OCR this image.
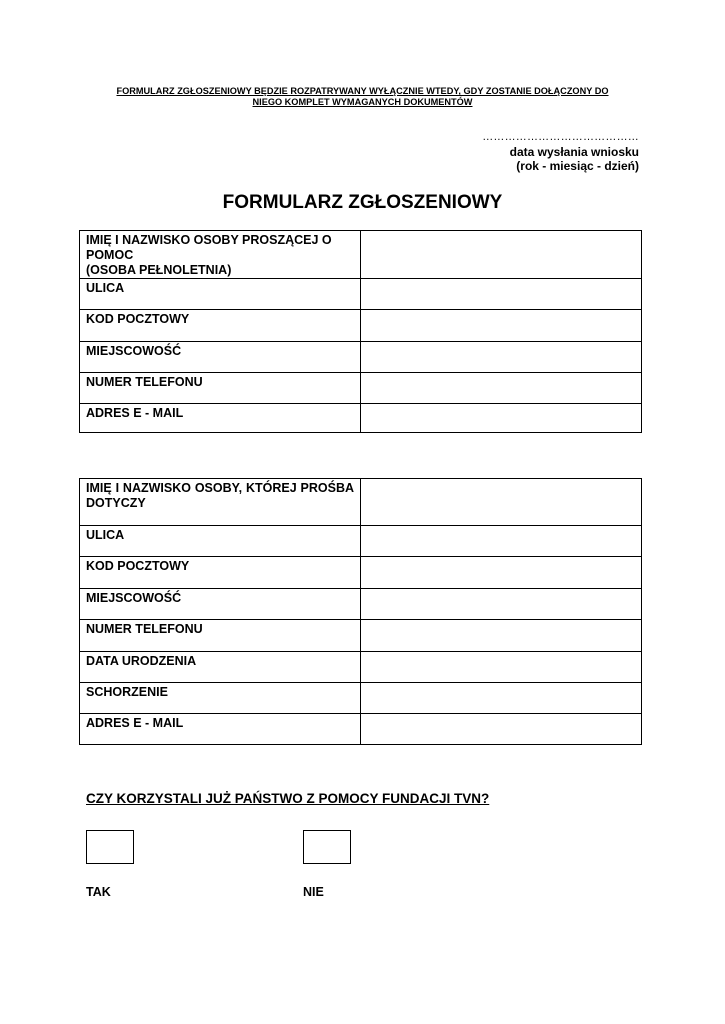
FORMULARZ ZGŁOSZENIOWY BĘDZIE ROZPATRYWANY WYŁĄCZNIE WTEDY, GDY ZOSTANIE DOŁĄCZONY DO
NIEGO KOMPLET WYMAGANYCH DOKUMENTÓW
……………………………………
data wysłania wniosku
(rok - miesiąc - dzień)
FORMULARZ ZGŁOSZENIOWY
IMIĘ I NAZWISKO OSOBY PROSZĄCEJ O POMOC
(OSOBA PEŁNOLETNIA)	

ULICA	
KOD POCZTOWY	
MIEJSCOWOŚĆ	
NUMER TELEFONU	
ADRES E - MAIL	
IMIĘ I NAZWISKO OSOBY, KTÓREJ PROŚBA DOTYCZY	
ULICA	
KOD POCZTOWY	
MIEJSCOWOŚĆ	
NUMER TELEFONU	
DATA URODZENIA	
SCHORZENIE	
ADRES E - MAIL	
CZY KORZYSTALI JUŻ PAŃSTWO Z POMOCY FUNDACJI TVN?
TAK	NIE
